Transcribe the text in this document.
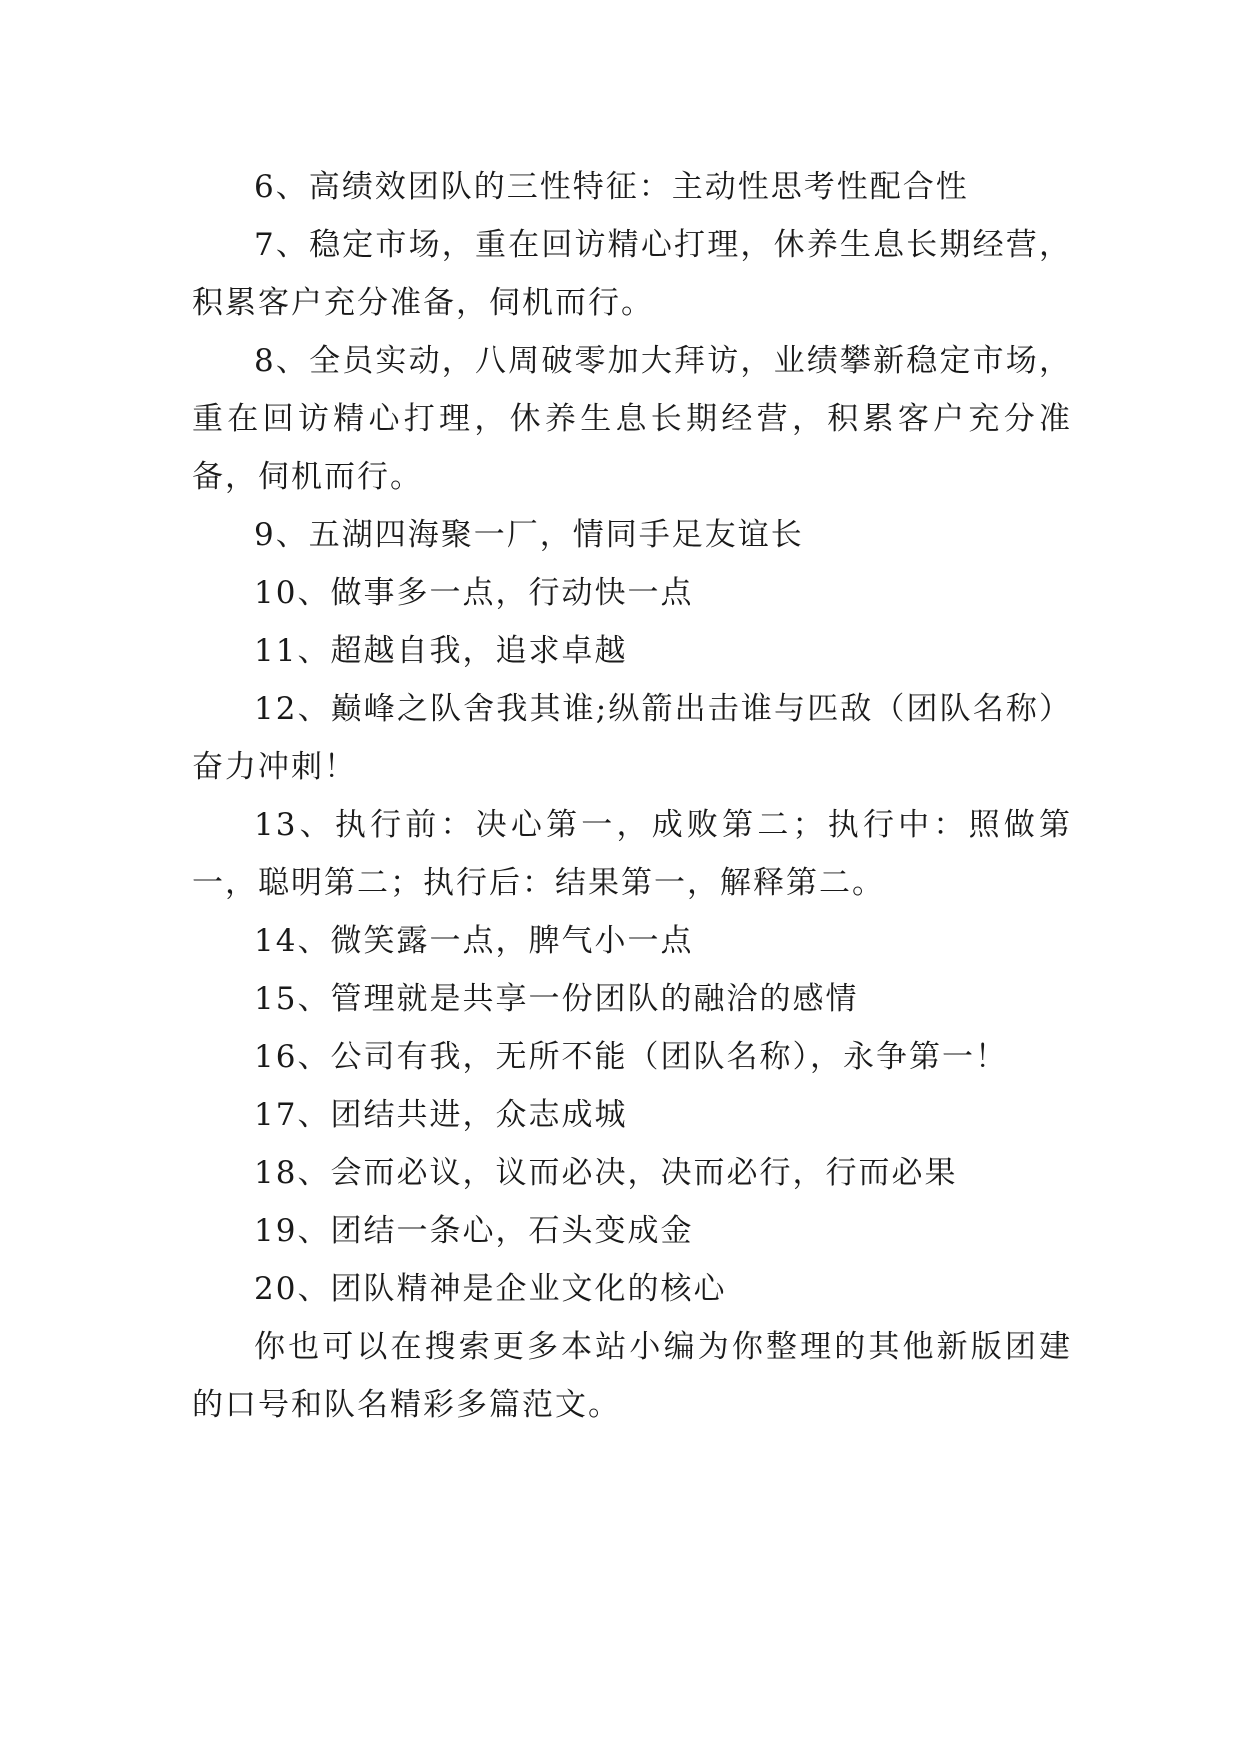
6、高绩效团队的三性特征：主动性思考性配合性

7、稳定市场，重在回访精心打理，休养生息长期经营，积累客户充分准备，伺机而行。

8、全员实动，八周破零加大拜访，业绩攀新稳定市场，重在回访精心打理，休养生息长期经营，积累客户充分准备，伺机而行。

9、五湖四海聚一厂，情同手足友谊长

10、做事多一点，行动快一点

11、超越自我，追求卓越

12、巅峰之队舍我其谁;纵箭出击谁与匹敌（团队名称）奋力冲刺！

13、执行前：决心第一，成败第二；执行中：照做第一，聪明第二；执行后：结果第一，解释第二。

14、微笑露一点，脾气小一点

15、管理就是共享一份团队的融洽的感情

16、公司有我，无所不能（团队名称），永争第一！

17、团结共进，众志成城

18、会而必议，议而必决，决而必行，行而必果

19、团结一条心，石头变成金

20、团队精神是企业文化的核心

你也可以在搜索更多本站小编为你整理的其他新版团建的口号和队名精彩多篇范文。
